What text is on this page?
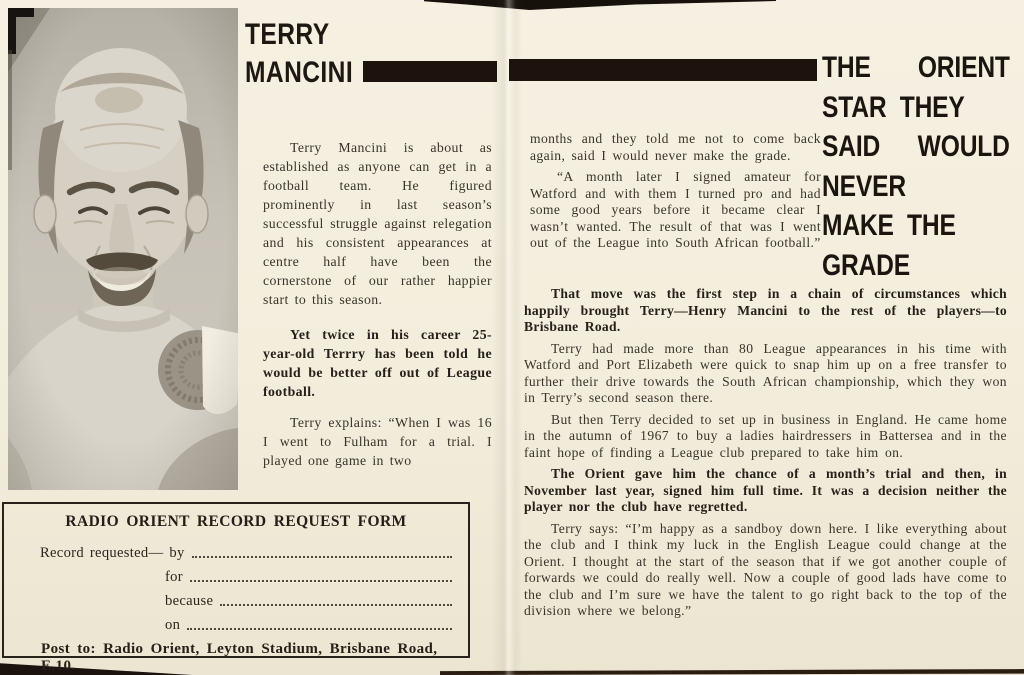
TERRY
MANCINI

Terry Mancini is about as established as anyone can get in a football team. He figured prominently in last season’s successful struggle against relegation and his consistent appearances at centre half have been the cornerstone of our rather happier start to this season.

Yet twice in his career 25-year-old Terrry has been told he would be better off out of League football.

Terry explains: “When I was 16 I went to Fulham for a trial. I played one game in two

RADIO ORIENT RECORD REQUEST FORM
Record requested— by
for
because
on
Post to: Radio Orient, Leyton Stadium, Brisbane Road, E.10.
THE ORIENT
STAR THEY
SAID WOULD
NEVER
MAKE THE
GRADE

months and they told me not to come back again, said I would never make the grade.

“A month later I signed amateur for Watford and with them I turned pro and had some good years before it became clear I wasn’t wanted. The result of that was I went out of the League into South African football.”

That move was the first step in a chain of circumstances which happily brought Terry—Henry Mancini to the rest of the players—to Brisbane Road.

Terry had made more than 80 League appearances in his time with Watford and Port Elizabeth were quick to snap him up on a free transfer to further their drive towards the South African championship, which they won in Terry’s second season there.

But then Terry decided to set up in business in England. He came home in the autumn of 1967 to buy a ladies hairdressers in Battersea and in the faint hope of finding a League club prepared to take him on.

The Orient gave him the chance of a month’s trial and then, in November last year, signed him full time. It was a decision neither the player nor the club have regretted.

Terry says: “I’m happy as a sandboy down here. I like everything about the club and I think my luck in the English League could change at the Orient. I thought at the start of the season that if we got another couple of forwards we could do really well. Now a couple of good lads have come to the club and I’m sure we have the talent to go right back to the top of the division where we belong.”
